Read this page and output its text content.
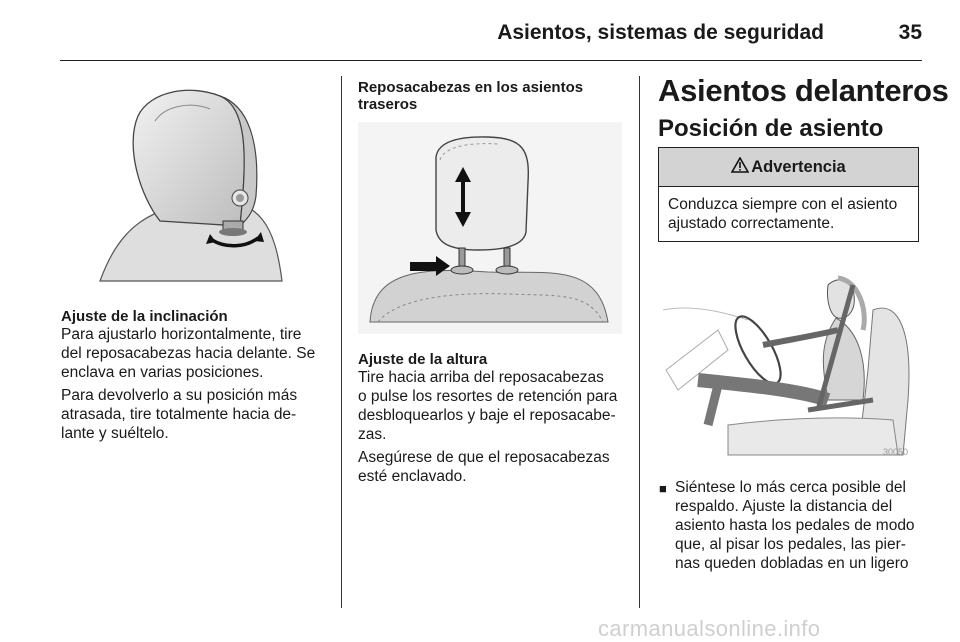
Asientos, sistemas de seguridad	35
Ajuste de la inclinación
Para ajustarlo horizontalmente, tire
del reposacabezas hacia delante. Se
enclava en varias posiciones.
Para devolverlo a su posición más
atrasada, tire totalmente hacia de-
lante y suéltelo.
Reposacabezas en los asientos
traseros
Ajuste de la altura
Tire hacia arriba del reposacabezas
o pulse los resortes de retención para
desbloquearlos y baje el reposacabe-
zas.
Asegúrese de que el reposacabezas
esté enclavado.
Asientos delanteros
Posición de asiento
Advertencia
Conduzca siempre con el asiento
ajustado correctamente.
30050
■ Siéntese lo más cerca posible del
respaldo. Ajuste la distancia del
asiento hasta los pedales de modo
que, al pisar los pedales, las pier-
nas queden dobladas en un ligero
carmanualsonline.info
